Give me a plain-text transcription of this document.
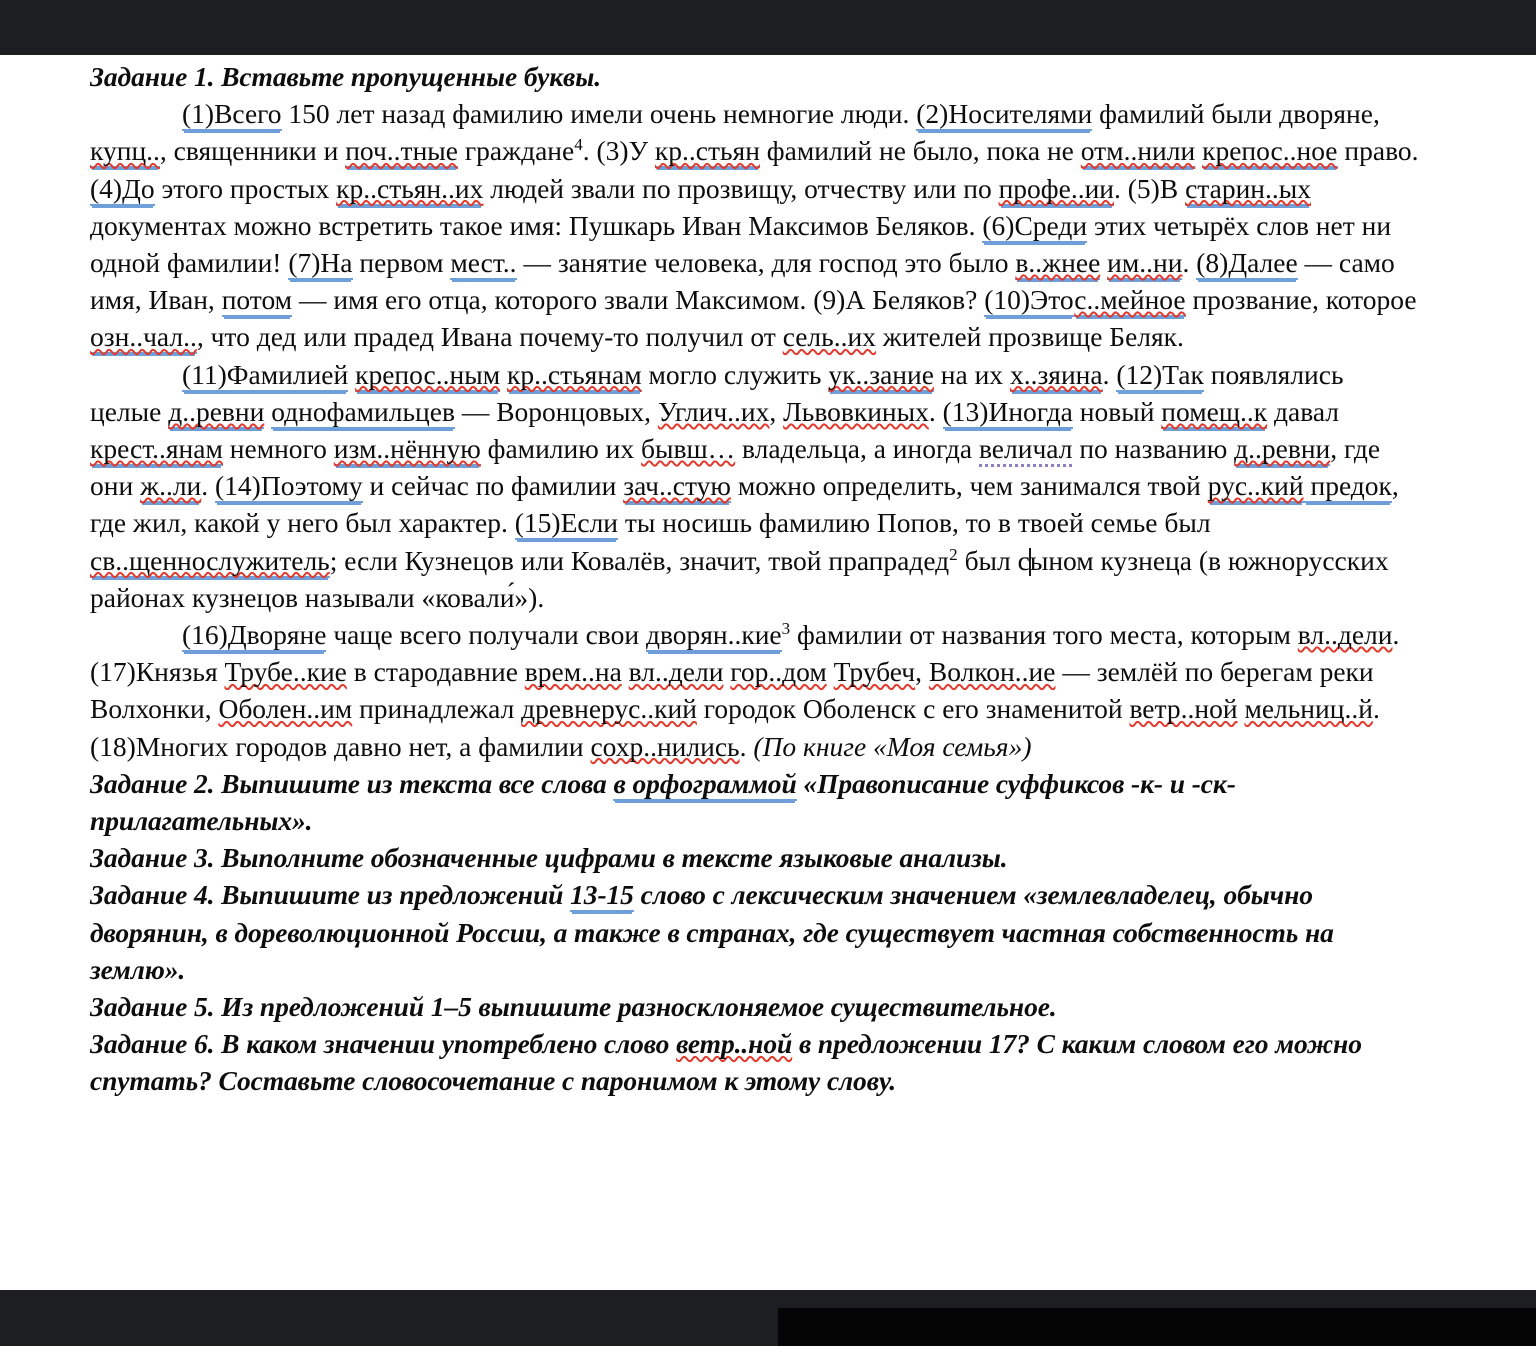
Задание 1. Вставьте пропущенные буквы.
(1)Всего 150 лет назад фамилию имели очень немногие люди. (2)Носителями фамилий были дворяне, купц.., священники и поч..тные граждане$^4$. (3)У кр..стьян фамилий не было, пока не отм..нили крепос..ное право. (4)До этого простых кр..стьян..их людей звали по прозвищу, отчеству или по профе..ии. (5)В старин..ых документах можно встретить такое имя: Пушкарь Иван Максимов Беляков. (6)Среди этих четырёх слов нет ни одной фамилии! (7)На первом мест.. — занятие человека, для господ это было в..жнее им..ни. (8)Далее — само имя, Иван, потом — имя его отца, которого звали Максимом. (9)А Беляков? (10)Этос..мейное прозвание, которое озн..чал.., что дед или прадед Ивана почему-то получил от сель..их жителей прозвище Беляк.
(11)Фамилией крепос..ным кр..стьянам могло служить ук..зание на их х..зяина. (12)Так появлялись целые д..ревни однофамильцев — Воронцовых, Углич..их, Львовкиных. (13)Иногда новый помещ..к давал крест..янам немного изм..нённую фамилию их бывш… владельца, а иногда величал по названию д..ревни, где они ж..ли. (14)Поэтому и сейчас по фамилии зач..стую можно определить, чем занимался твой рус..кий предок, где жил, какой у него был характер. (15)Если ты носишь фамилию Попов, то в твоей семье был св..щеннослужитель; если Кузнецов или Ковалёв, значит, твой прапрадед$^2$ был сыном кузнеца (в южнорусских районах кузнецов называли «ковали́»).
(16)Дворяне чаще всего получали свои дворян..кие$^3$ фамилии от названия того места, которым вл..дели. (17)Князья Трубе..кие в стародавние врем..на вл..дели гор..дом Трубеч, Волкон..ие — землёй по берегам реки Волхонки, Оболен..им принадлежал древнерус..кий городок Оболенск с его знаменитой ветр..ной мельниц..й. (18)Многих городов давно нет, а фамилии сохр..нились. (По книге «Моя семья»)
Задание 2. Выпишите из текста все слова в орфограммой «Правописание суффиксов -к- и -ск- прилагательных».
Задание 3. Выполните обозначенные цифрами в тексте языковые анализы.
Задание 4. Выпишите из предложений 13-15 слово с лексическим значением «землевладелец, обычно дворянин, в дореволюционной России, а также в странах, где существует частная собственность на землю».
Задание 5. Из предложений 1–5 выпишите разносклоняемое существительное.
Задание 6. В каком значении употреблено слово ветр..ной в предложении 17? С каким словом его можно спутать? Составьте словосочетание с паронимом к этому слову.
